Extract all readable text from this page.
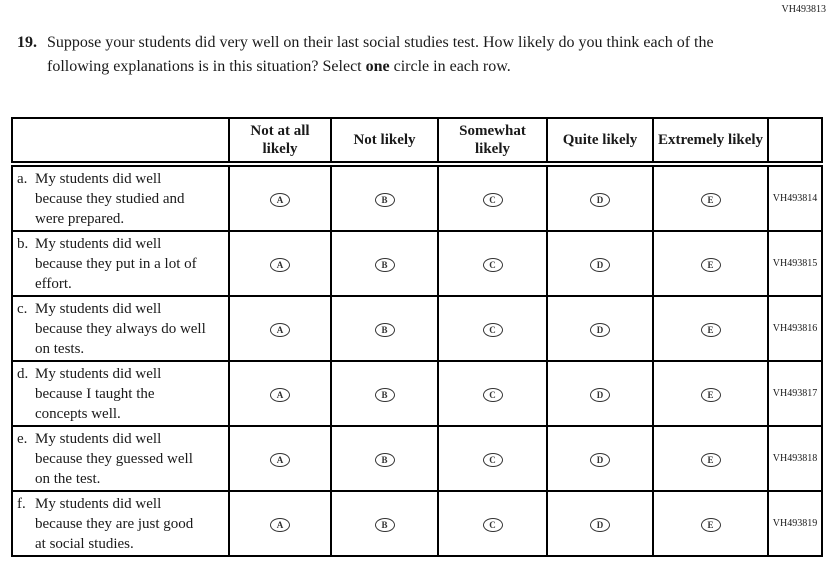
VH493813
19. Suppose your students did very well on their last social studies test. How likely do you think each of the following explanations is in this situation? Select one circle in each row.

	Not at all likely	Not likely	Somewhat likely	Quite likely	Extremely likely	

a. My students did well because they studied and were prepared.	A	B	C	D	E	VH493814

b. My students did well because they put in a lot of effort.	A	B	C	D	E	VH493815

c. My students did well because they always do well on tests.	A	B	C	D	E	VH493816

d. My students did well because I taught the concepts well.	A	B	C	D	E	VH493817

e. My students did well because they guessed well on the test.	A	B	C	D	E	VH493818

f. My students did well because they are just good at social studies.	A	B	C	D	E	VH493819
